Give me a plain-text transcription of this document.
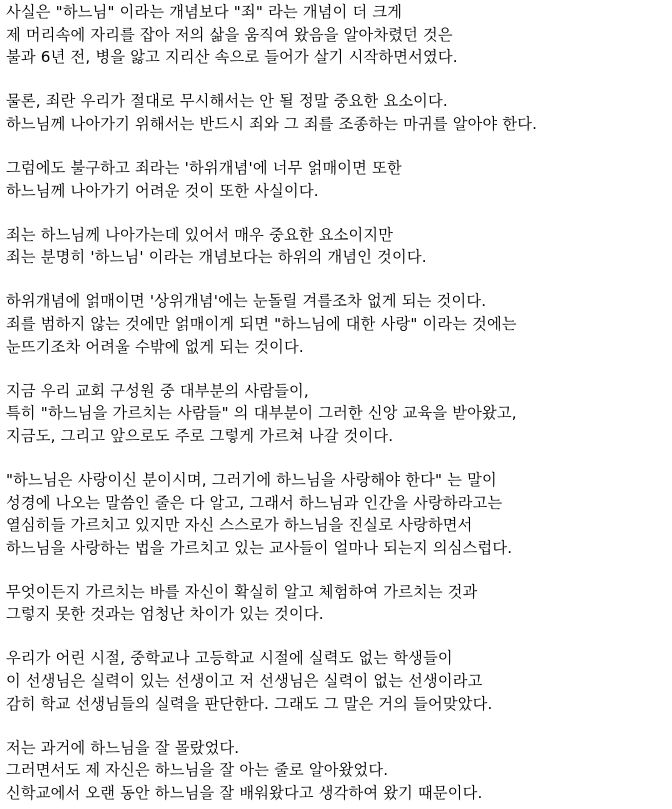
사실은 "하느님" 이라는 개념보다 "죄" 라는 개념이 더 크게
제 머리속에 자리를 잡아 저의 삶을 움직여 왔음을 알아차렸던 것은
불과 6년 전, 병을 앓고 지리산 속으로 들어가 살기 시작하면서였다.

물론, 죄란 우리가 절대로 무시해서는 안 될 정말 중요한 요소이다.
하느님께 나아가기 위해서는 반드시 죄와 그 죄를 조종하는 마귀를 알아야 한다.

그럼에도 불구하고 죄라는 '하위개념'에 너무 얽매이면 또한
하느님께 나아가기 어려운 것이 또한 사실이다.

죄는 하느님께 나아가는데 있어서 매우 중요한 요소이지만
죄는 분명히 '하느님' 이라는 개념보다는 하위의 개념인 것이다.

하위개념에 얽매이면 '상위개념'에는 눈돌릴 겨를조차 없게 되는 것이다.
죄를 범하지 않는 것에만 얽매이게 되면 "하느님에 대한 사랑" 이라는 것에는
눈뜨기조차 어려울 수밖에 없게 되는 것이다.

지금 우리 교회 구성원 중 대부분의 사람들이,
특히 "하느님을 가르치는 사람들" 의 대부분이 그러한 신앙 교육을 받아왔고,
지금도, 그리고 앞으로도 주로 그렇게 가르쳐 나갈 것이다.

"하느님은 사랑이신 분이시며, 그러기에 하느님을 사랑해야 한다" 는 말이
성경에 나오는 말씀인 줄은 다 알고, 그래서 하느님과 인간을 사랑하라고는
열심히들 가르치고 있지만 자신 스스로가 하느님을 진실로 사랑하면서
하느님을 사랑하는 법을 가르치고 있는 교사들이 얼마나 되는지 의심스럽다.

무엇이든지 가르치는 바를 자신이 확실히 알고 체험하여 가르치는 것과
그렇지 못한 것과는 엄청난 차이가 있는 것이다.

우리가 어린 시절, 중학교나 고등학교 시절에 실력도 없는 학생들이
이 선생님은 실력이 있는 선생이고 저 선생님은 실력이 없는 선생이라고
감히 학교 선생님들의 실력을 판단한다. 그래도 그 말은 거의 들어맞았다.

저는 과거에 하느님을 잘 몰랐었다.
그러면서도 제 자신은 하느님을 잘 아는 줄로 알아왔었다.
신학교에서 오랜 동안 하느님을 잘 배워왔다고 생각하여 왔기 때문이다.
